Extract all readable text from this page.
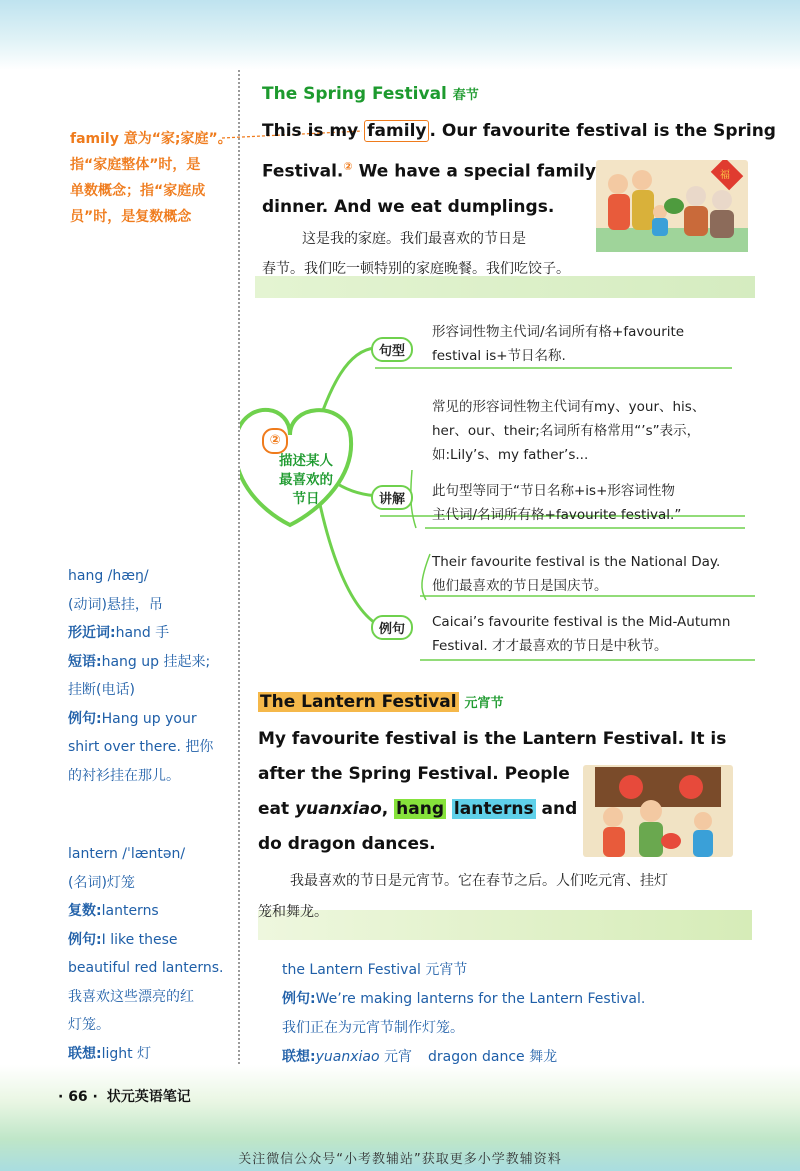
family 意为“家;家庭”。
指“家庭整体”时，是
单数概念；指“家庭成
员”时，是复数概念
hang /hæŋ/
(动词)悬挂，吊
形近词:hand 手
短语:hang up 挂起来;
挂断(电话)
例句:Hang up your
shirt over there. 把你
的衬衫挂在那儿。
lantern /ˈlæntən/
(名词)灯笼
复数:lanterns
例句:I like these
beautiful red lanterns.
我喜欢这些漂亮的红
灯笼。
联想:light 灯
The Spring Festival 春节
This is my family . Our favourite festival is the Spring
Festival.② We have a special family
dinner. And we eat dumplings.
福
这是我的家庭。我们最喜欢的节日是
春节。我们吃一顿特别的家庭晚餐。我们吃饺子。
②
描述某人
最喜欢的
节日
句型
讲解
例句
形容词性物主代词/名词所有格+favourite
festival is+节日名称.
常见的形容词性物主代词有my、your、his、
her、our、their;名词所有格常用“’s”表示，
如:Lily’s、my father’s...
此句型等同于“节日名称+is+形容词性物
主代词/名词所有格+favourite festival.”
Their favourite festival is the National Day.
他们最喜欢的节日是国庆节。
Caicai’s favourite festival is the Mid-Autumn
Festival. 才才最喜欢的节日是中秋节。
The Lantern Festival 元宵节
My favourite festival is the Lantern Festival. It is
after the Spring Festival. People
eat yuanxiao, hang lanterns and
do dragon dances.
我最喜欢的节日是元宵节。它在春节之后。人们吃元宵、挂灯
笼和舞龙。
the Lantern Festival 元宵节
例句:We’re making lanterns for the Lantern Festival.
我们正在为元宵节制作灯笼。
联想:yuanxiao 元宵 dragon dance 舞龙
· 66 · 状元英语笔记
关注微信公众号“小考教辅站”获取更多小学教辅资料
